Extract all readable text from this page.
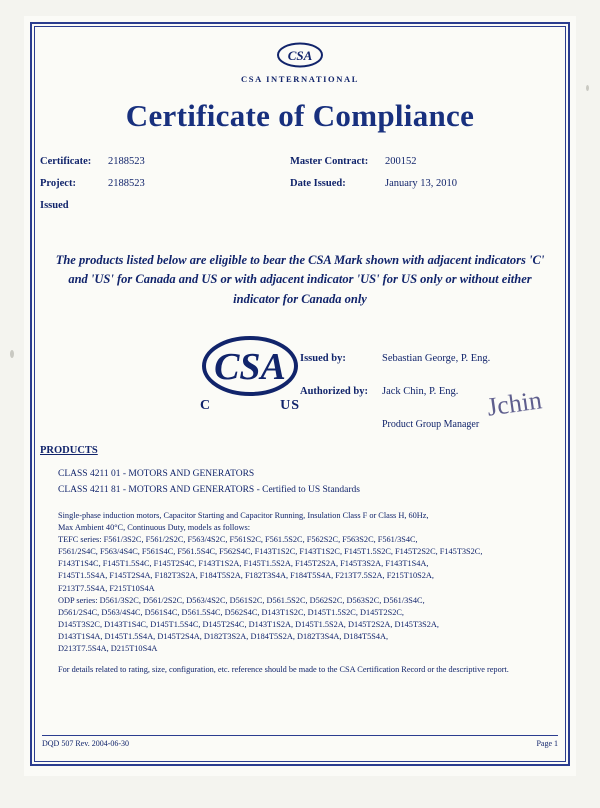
CSA
CSA INTERNATIONAL
Certificate of Compliance
Certificate:	2188523	Master Contract:	200152
Project:	2188523	Date Issued:	January 13, 2010
Issued
The products listed below are eligible to bear the CSA Mark shown with adjacent indicators 'C' and 'US' for Canada and US or with adjacent indicator 'US' for US only or without either indicator for Canada only
CSA
C	US
Issued by:	Sebastian George, P. Eng.
Authorized by:	Jack Chin, P. Eng.
Product Group Manager
Jchin
PRODUCTS
CLASS 4211 01 - MOTORS AND GENERATORS
CLASS 4211 81 - MOTORS AND GENERATORS - Certified to US Standards

Single-phase induction motors, Capacitor Starting and Capacitor Running, Insulation Class F or Class H, 60Hz,

Max Ambient 40°C, Continuous Duty, models as follows:

TEFC series: F561/3S2C, F561/2S2C, F563/4S2C, F561S2C, F561.5S2C, F562S2C, F563S2C, F561/3S4C,

F561/2S4C, F563/4S4C, F561S4C, F561.5S4C, F562S4C, F143T1S2C, F143T1S2C, F145T1.5S2C, F145T2S2C, F145T3S2C,

F143T1S4C, F145T1.5S4C, F145T2S4C, F143T1S2A, F145T1.5S2A, F145T2S2A, F145T3S2A, F143T1S4A,

F145T1.5S4A, F145T2S4A, F182T3S2A, F184T5S2A, F182T3S4A, F184T5S4A, F213T7.5S2A, F215T10S2A,

F213T7.5S4A, F215T10S4A

ODP series: D561/3S2C, D561/2S2C, D563/4S2C, D561S2C, D561.5S2C, D562S2C, D563S2C, D561/3S4C,

D561/2S4C, D563/4S4C, D561S4C, D561.5S4C, D562S4C, D143T1S2C, D145T1.5S2C, D145T2S2C,

D145T3S2C, D143T1S4C, D145T1.5S4C, D145T2S4C, D143T1S2A, D145T1.5S2A, D145T2S2A, D145T3S2A,

D143T1S4A, D145T1.5S4A, D145T2S4A, D182T3S2A, D184T5S2A, D182T3S4A, D184T5S4A,

D213T7.5S4A, D215T10S4A

For details related to rating, size, configuration, etc. reference should be made to the CSA Certification Record or the descriptive report.

DQD 507 Rev. 2004-06-30	Page 1
